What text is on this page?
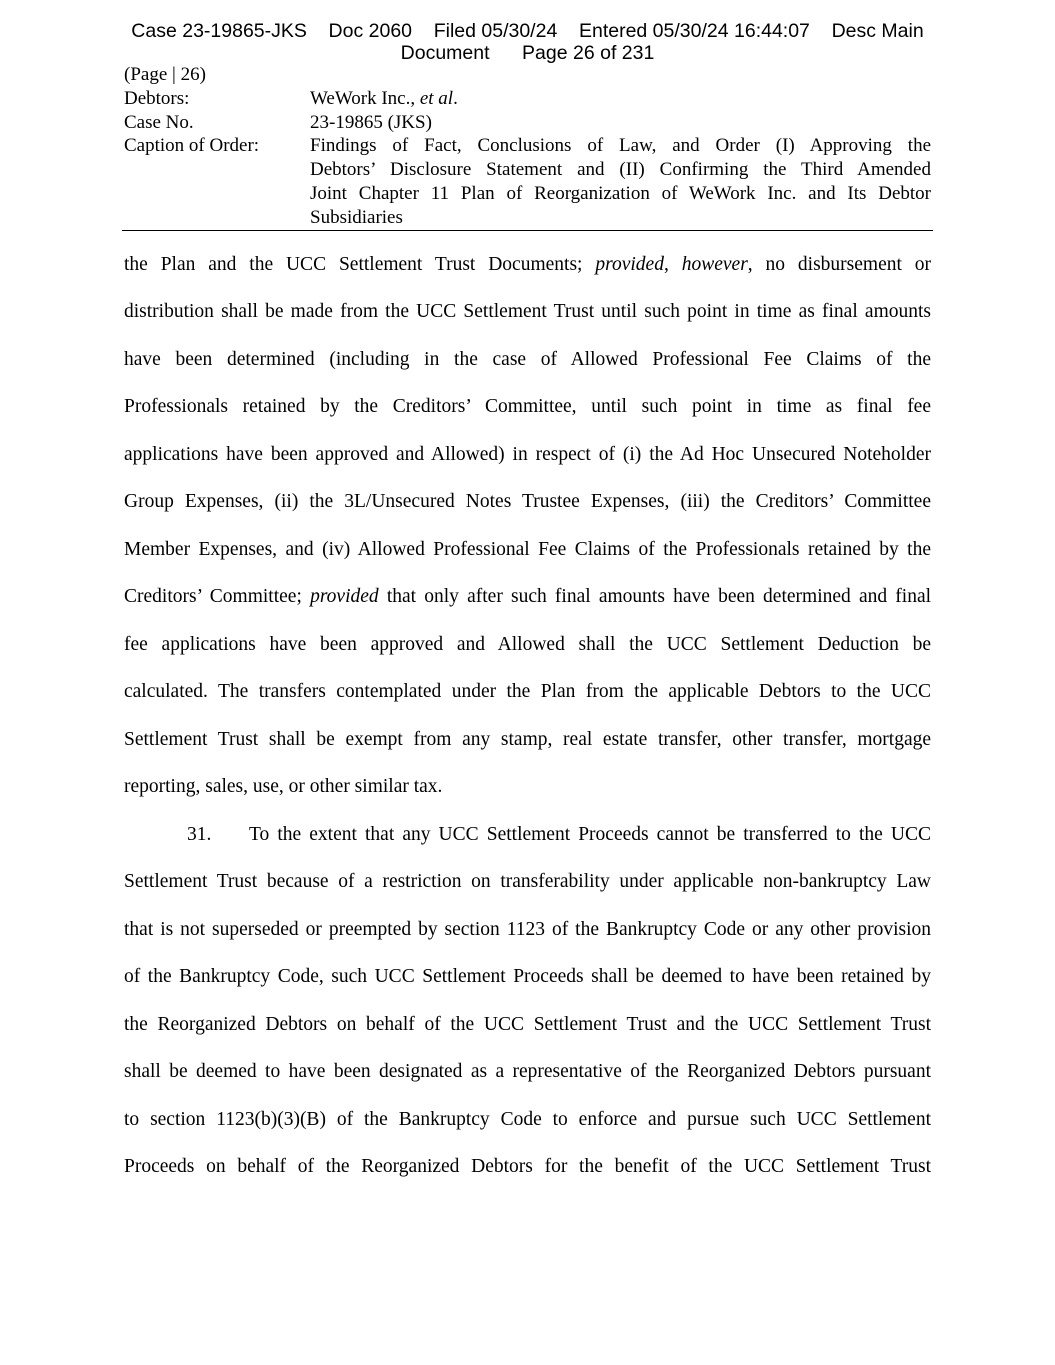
Case 23-19865-JKS    Doc 2060    Filed 05/30/24    Entered 05/30/24 16:44:07    Desc Main
Document      Page 26 of 231
(Page | 26)
Debtors:	WeWork Inc., et al.
Case No.	23-19865 (JKS)
Caption of Order:	Findings of Fact, Conclusions of Law, and Order (I) Approving the
Debtors’ Disclosure Statement and (II) Confirming the Third Amended
Joint Chapter 11 Plan of Reorganization of WeWork Inc. and Its Debtor
Subsidiaries
the Plan and the UCC Settlement Trust Documents; provided, however, no disbursement or
distribution shall be made from the UCC Settlement Trust until such point in time as final amounts
have been determined (including in the case of Allowed Professional Fee Claims of the
Professionals retained by the Creditors’ Committee, until such point in time as final fee
applications have been approved and Allowed) in respect of (i) the Ad Hoc Unsecured Noteholder
Group Expenses, (ii) the 3L/Unsecured Notes Trustee Expenses, (iii) the Creditors’ Committee
Member Expenses, and (iv) Allowed Professional Fee Claims of the Professionals retained by the
Creditors’ Committee; provided that only after such final amounts have been determined and final
fee applications have been approved and Allowed shall the UCC Settlement Deduction be
calculated. The transfers contemplated under the Plan from the applicable Debtors to the UCC
Settlement Trust shall be exempt from any stamp, real estate transfer, other transfer, mortgage
reporting, sales, use, or other similar tax.
31. To the extent that any UCC Settlement Proceeds cannot be transferred to the UCC
Settlement Trust because of a restriction on transferability under applicable non-bankruptcy Law
that is not superseded or preempted by section 1123 of the Bankruptcy Code or any other provision
of the Bankruptcy Code, such UCC Settlement Proceeds shall be deemed to have been retained by
the Reorganized Debtors on behalf of the UCC Settlement Trust and the UCC Settlement Trust
shall be deemed to have been designated as a representative of the Reorganized Debtors pursuant
to section 1123(b)(3)(B) of the Bankruptcy Code to enforce and pursue such UCC Settlement
Proceeds on behalf of the Reorganized Debtors for the benefit of the UCC Settlement Trust
